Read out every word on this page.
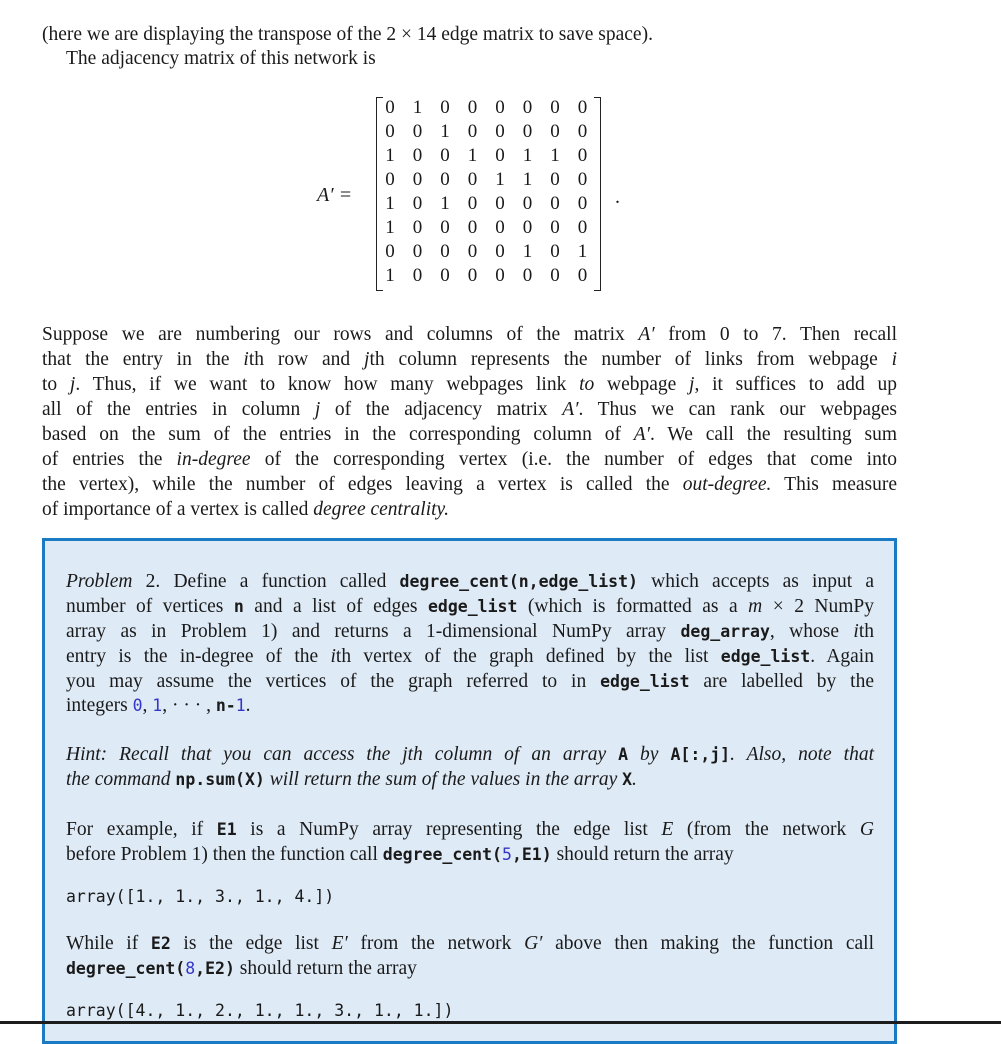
(here we are displaying the transpose of the 2 × 14 edge matrix to save space).
The adjacency matrix of this network is
A′ =
0 1 0 0 0 0 0 0
0 0 1 0 0 0 0 0
1 0 0 1 0 1 1 0
0 0 0 0 1 1 0 0
1 0 1 0 0 0 0 0
1 0 0 0 0 0 0 0
0 0 0 0 0 1 0 1
1 0 0 0 0 0 0 0
.
Suppose we are numbering our rows and columns of the matrix A′ from 0 to 7. Then recall
that the entry in the ith row and jth column represents the number of links from webpage i
to j. Thus, if we want to know how many webpages link to webpage j, it suffices to add up
all of the entries in column j of the adjacency matrix A′. Thus we can rank our webpages
based on the sum of the entries in the corresponding column of A′. We call the resulting sum
of entries the in-degree of the corresponding vertex (i.e. the number of edges that come into
the vertex), while the number of edges leaving a vertex is called the out-degree. This measure
of importance of a vertex is called degree centrality.
Problem 2. Define a function called degree_cent(n,edge_list) which accepts as input a
number of vertices n and a list of edges edge_list (which is formatted as a m × 2 NumPy
array as in Problem 1) and returns a 1-dimensional NumPy array deg_array, whose ith
entry is the in-degree of the ith vertex of the graph defined by the list edge_list. Again
you may assume the vertices of the graph referred to in edge_list are labelled by the
integers 0, 1, · · · , n-1.
Hint: Recall that you can access the jth column of an array A by A[:,j]. Also, note that
the command np.sum(X) will return the sum of the values in the array X.
For example, if E1 is a NumPy array representing the edge list E (from the network G
before Problem 1) then the function call degree_cent(5,E1) should return the array
array([1., 1., 3., 1., 4.])
While if E2 is the edge list E′ from the network G′ above then making the function call
degree_cent(8,E2) should return the array
array([4., 1., 2., 1., 1., 3., 1., 1.])
